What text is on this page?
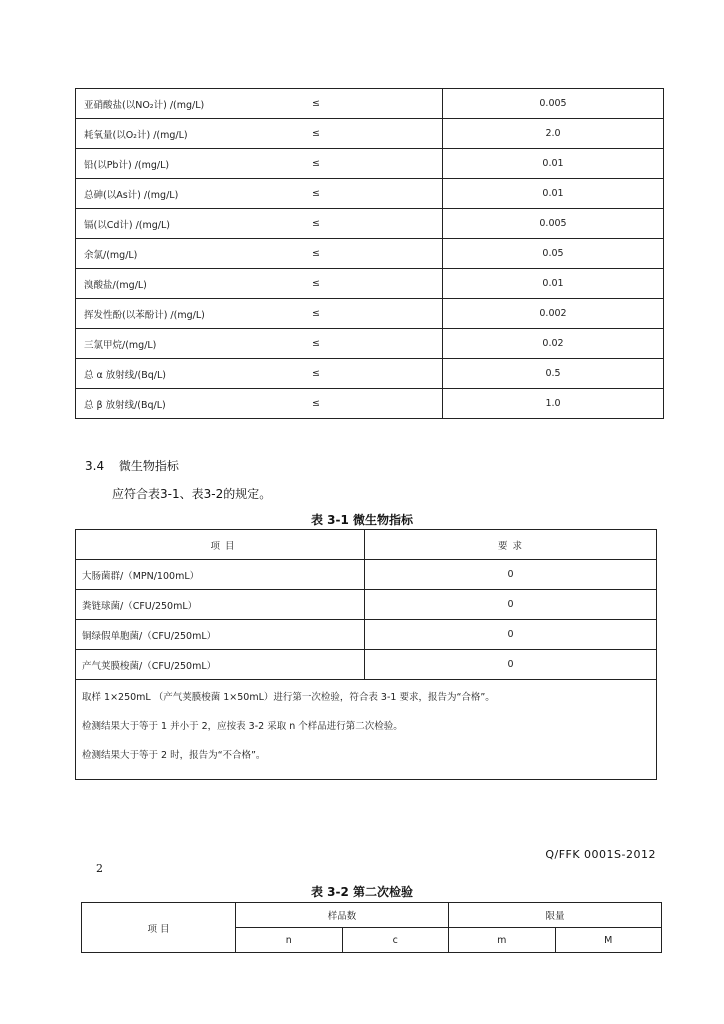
亚硝酸盐(以NO₂计) /(mg/L)	≤	0.005
耗氧量(以O₂计) /(mg/L)	≤	2.0
铅(以Pb计) /(mg/L)	≤	0.01
总砷(以As计) /(mg/L)	≤	0.01
镉(以Cd计) /(mg/L)	≤	0.005
余氯/(mg/L)	≤	0.05
溴酸盐/(mg/L)	≤	0.01
挥发性酚(以苯酚计) /(mg/L)	≤	0.002
三氯甲烷/(mg/L)	≤	0.02
总 α 放射线/(Bq/L)	≤	0.5
总 β 放射线/(Bq/L)	≤	1.0
3.4 微生物指标
应符合表3-1、表3-2的规定。
表 3-1 微生物指标
项 目	要 求
大肠菌群/（MPN/100mL）	0
粪链球菌/（CFU/250mL）	0
铜绿假单胞菌/（CFU/250mL）	0
产气荚膜梭菌/（CFU/250mL）	0

取样 1×250mL （产气荚膜梭菌 1×50mL）进行第一次检验，符合表 3-1 要求，报告为“合格”。
检测结果大于等于 1 并小于 2，应按表 3-2 采取 n 个样品进行第二次检验。
检测结果大于等于 2 时，报告为“不合格”。	
Q/FFK 0001S-2012
2
表 3-2 第二次检验
项 目	样品数		限量	
	n	c	m	M
